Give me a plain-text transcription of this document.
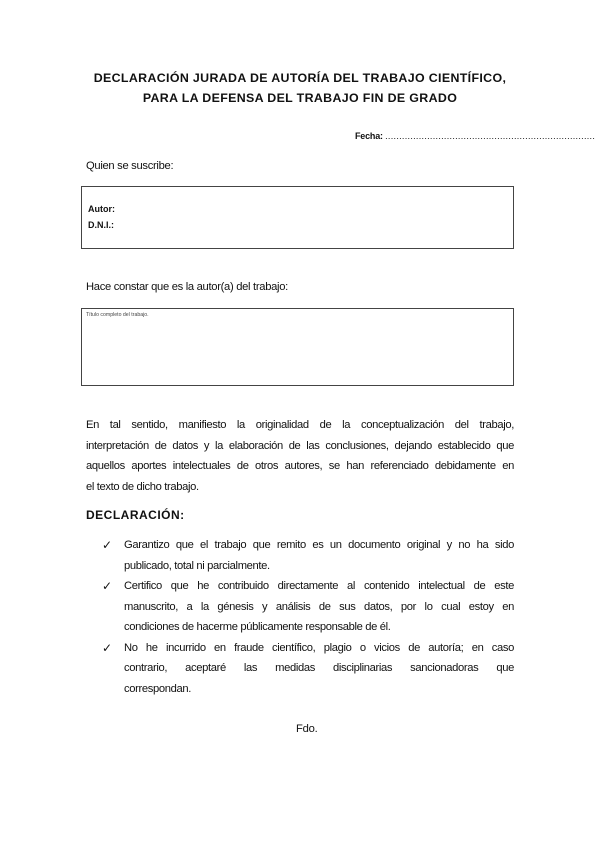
DECLARACIÓN JURADA DE AUTORÍA DEL TRABAJO CIENTÍFICO,
PARA LA DEFENSA DEL TRABAJO FIN DE GRADO
Fecha: ...........................................................................
Quien se suscribe:
Autor:
D.N.I.:
Hace constar que es la autor(a) del trabajo:
Título completo del trabajo.
En tal sentido, manifiesto la originalidad de la conceptualización del trabajo,
interpretación de datos y la elaboración de las conclusiones, dejando establecido que
aquellos aportes intelectuales de otros autores, se han referenciado debidamente en
el texto de dicho trabajo.
DECLARACIÓN:
✓ Garantizo que el trabajo que remito es un documento original y no ha sido
publicado, total ni parcialmente.
✓ Certifico que he contribuido directamente al contenido intelectual de este
manuscrito, a la génesis y análisis de sus datos, por lo cual estoy en
condiciones de hacerme públicamente responsable de él.
✓ No he incurrido en fraude científico, plagio o vicios de autoría; en caso
contrario, aceptaré las medidas disciplinarias sancionadoras que
correspondan.
Fdo.
